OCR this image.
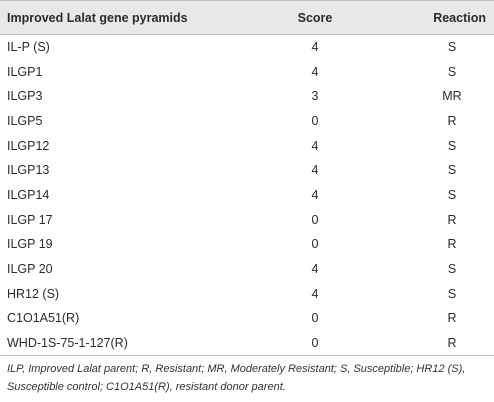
Improved Lalat gene pyramids	Score	Reaction
IL-P (S)	4	S
ILGP1	4	S
ILGP3	3	MR
ILGP5	0	R
ILGP12	4	S
ILGP13	4	S
ILGP14	4	S
ILGP 17	0	R
ILGP 19	0	R
ILGP 20	4	S
HR12 (S)	4	S
C1O1A51(R)	0	R
WHD-1S-75-1-127(R)	0	R
ILP, Improved Lalat parent; R, Resistant; MR, Moderately Resistant; S, Susceptible; HR12 (S), Susceptible control; C1O1A51(R), resistant donor parent.
